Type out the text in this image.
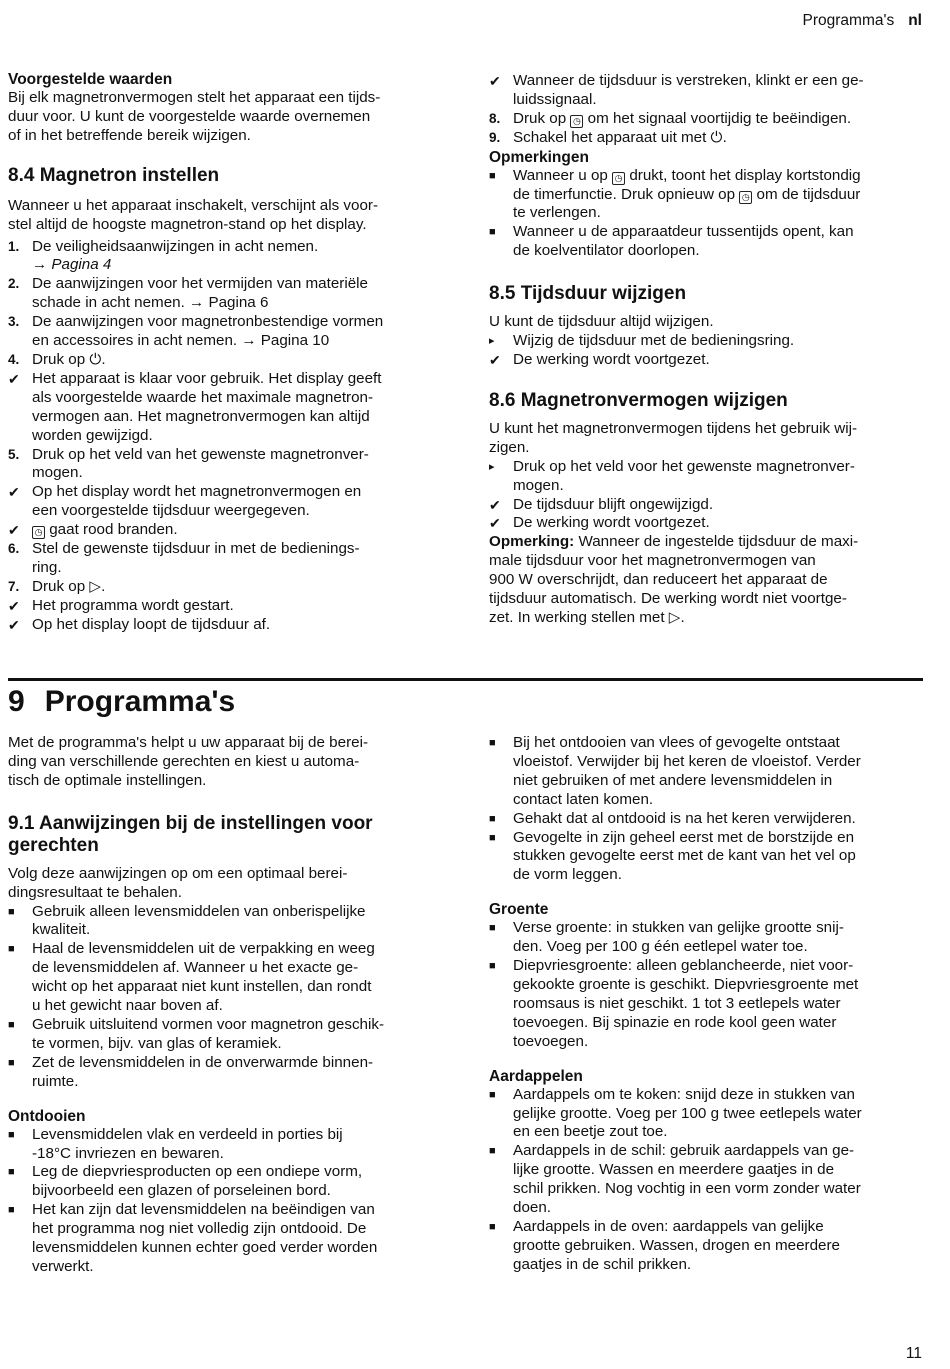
Programma's nl
Voorgestelde waarden

Bij elk magnetronvermogen stelt het apparaat een tijds-
duur voor. U kunt de voorgestelde waarde overnemen
of in het betreffende bereik wijzigen.

8.4 Magnetron instellen

Wanneer u het apparaat inschakelt, verschijnt als voor-
stel altijd de hoogste magnetron-stand op het display.

1. De veiligheidsaanwijzingen in acht nemen.
→ Pagina 4
2. De aanwijzingen voor het vermijden van materiële
schade in acht nemen. → Pagina 6
3. De aanwijzingen voor magnetronbestendige vormen
en accessoires in acht nemen. → Pagina 10
4. Druk op ⏻.
✔ Het apparaat is klaar voor gebruik. Het display geeft
als voorgestelde waarde het maximale magnetron-
vermogen aan. Het magnetronvermogen kan altijd
worden gewijzigd.
5. Druk op het veld van het gewenste magnetronver-
mogen.
✔ Op het display wordt het magnetronvermogen en
een voorgestelde tijdsduur weergegeven.
✔	◷ gaat rood branden.
6. Stel de gewenste tijdsduur in met de bedienings-
ring.
7. Druk op ▷.
✔ Het programma wordt gestart.
✔ Op het display loopt de tijdsduur af.
✔ Wanneer de tijdsduur is verstreken, klinkt er een ge-
luidssignaal.
8. Druk op ◷ om het signaal voortijdig te beëindigen.
9. Schakel het apparaat uit met ⏻.
Opmerkingen
■	Wanneer u op ◷ drukt, toont het display kortstondig
de timerfunctie. Druk opnieuw op ◷ om de tijdsduur
te verlengen.
■	Wanneer u de apparaatdeur tussentijds opent, kan
de koelventilator doorlopen.
8.5 Tijdsduur wijzigen

U kunt de tijdsduur altijd wijzigen.

▸	Wijzig de tijdsduur met de bedieningsring.
✔ De werking wordt voortgezet.
8.6 Magnetronvermogen wijzigen

U kunt het magnetronvermogen tijdens het gebruik wij-
zigen.

▸	Druk op het veld voor het gewenste magnetronver-
mogen.
✔ De tijdsduur blijft ongewijzigd.
✔ De werking wordt voortgezet.

Opmerking: Wanneer de ingestelde tijdsduur de maxi-
male tijdsduur voor het magnetronvermogen van
900 W overschrijdt, dan reduceert het apparaat de
tijdsduur automatisch. De werking wordt niet voortge-
zet. In werking stellen met ▷.

9 Programma's

Met de programma's helpt u uw apparaat bij de berei-
ding van verschillende gerechten en kiest u automa-
tisch de optimale instellingen.

9.1 Aanwijzingen bij de instellingen voor
gerechten

Volg deze aanwijzingen op om een optimaal berei-
dingsresultaat te behalen.

■	Gebruik alleen levensmiddelen van onberispelijke
kwaliteit.
■	Haal de levensmiddelen uit de verpakking en weeg
de levensmiddelen af. Wanneer u het exacte ge-
wicht op het apparaat niet kunt instellen, dan rondt
u het gewicht naar boven af.
■	Gebruik uitsluitend vormen voor magnetron geschik-
te vormen, bijv. van glas of keramiek.
■	Zet de levensmiddelen in de onverwarmde binnen-
ruimte.
Ontdooien
■	Levensmiddelen vlak en verdeeld in porties bij
-18°C invriezen en bewaren.
■	Leg de diepvriesproducten op een ondiepe vorm,
bijvoorbeeld een glazen of porseleinen bord.
■	Het kan zijn dat levensmiddelen na beëindigen van
het programma nog niet volledig zijn ontdooid. De
levensmiddelen kunnen echter goed verder worden
verwerkt.
■	Bij het ontdooien van vlees of gevogelte ontstaat
vloeistof. Verwijder bij het keren de vloeistof. Verder
niet gebruiken of met andere levensmiddelen in
contact laten komen.
■	Gehakt dat al ontdooid is na het keren verwijderen.
■	Gevogelte in zijn geheel eerst met de borstzijde en
stukken gevogelte eerst met de kant van het vel op
de vorm leggen.
Groente
■	Verse groente: in stukken van gelijke grootte snij-
den. Voeg per 100 g één eetlepel water toe.
■	Diepvriesgroente: alleen geblancheerde, niet voor-
gekookte groente is geschikt. Diepvriesgroente met
roomsaus is niet geschikt. 1 tot 3 eetlepels water
toevoegen. Bij spinazie en rode kool geen water
toevoegen.
Aardappelen
■	Aardappels om te koken: snijd deze in stukken van
gelijke grootte. Voeg per 100 g twee eetlepels water
en een beetje zout toe.
■	Aardappels in de schil: gebruik aardappels van ge-
lijke grootte. Wassen en meerdere gaatjes in de
schil prikken. Nog vochtig in een vorm zonder water
doen.
■	Aardappels in de oven: aardappels van gelijke
grootte gebruiken. Wassen, drogen en meerdere
gaatjes in de schil prikken.
11
